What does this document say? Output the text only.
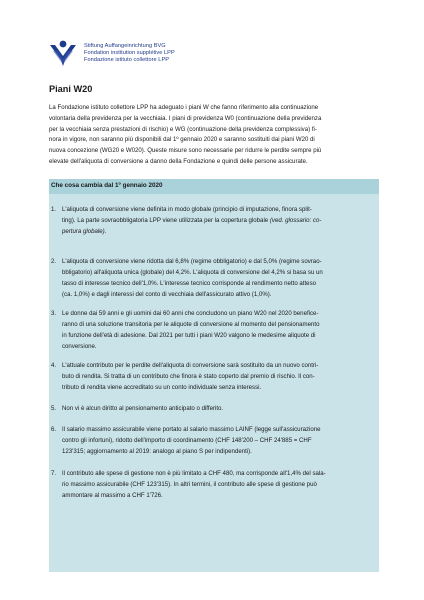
Stiftung Auffangeinrichtung BVG
Fondation institution supplétive LPP
Fondazione istituto collettore LPP
Piani W20
La Fondazione istituto collettore LPP ha adeguato i piani W che fanno riferimento alla continuazione
volontaria della previdenza per la vecchiaia. I piani di previdenza W0 (continuazione della previdenza
per la vecchiaia senza prestazioni di rischio) e WG (continuazione della previdenza complessiva) fi-
nora in vigore, non saranno più disponibili dal 1º gennaio 2020 e saranno sostituiti dai piani W20 di
nuova concezione (WG20 e W020). Queste misure sono necessarie per ridurre le perdite sempre più
elevate dell'aliquota di conversione a danno della Fondazione e quindi delle persone assicurate.
Che cosa cambia dal 1º gennaio 2020
1. L'aliquota di conversione viene definita in modo globale (principio di imputazione, finora split-
ting). La parte sovraobbligatoria LPP viene utilizzata per la copertura globale (ved. glossario: co-
pertura globale).
2. L'aliquota di conversione viene ridotta dal 6,8% (regime obbligatorio) e dal 5,0% (regime sovrao-
bbligatorio) all'aliquota unica (globale) del 4,2%. L'aliquota di conversione del 4,2% si basa su un
tasso di interesse tecnico dell'1,0%. L'interesse tecnico corrisponde al rendimento netto atteso
(ca. 1,0%) e dagli interessi del conto di vecchiaia dell'assicurato attivo (1,0%).
3. Le donne dai 59 anni e gli uomini dai 60 anni che concludono un piano W20 nel 2020 benefice-
ranno di una soluzione transitoria per le aliquote di conversione al momento del pensionamento
in funzione dell'età di adesione. Dal 2021 per tutti i piani W20 valgono le medesime aliquote di
conversione.
4. L'attuale contributo per le perdite dell'aliquota di conversione sarà sostituito da un nuovo contri-
buto di rendita. Si tratta di un contributo che finora è stato coperto dal premio di rischio. Il con-
tributo di rendita viene accreditato su un conto individuale senza interessi.
5. Non vi è alcun diritto al pensionamento anticipato o differito.
6. Il salario massimo assicurabile viene portato al salario massimo LAINF (legge sull'assicurazione
contro gli infortuni), ridotto dell'importo di coordinamento (CHF 148'200 – CHF 24'885 = CHF
123'315; aggiornamento al 2019: analogo al piano S per indipendenti).
7. Il contributo alle spese di gestione non è più limitato a CHF 480, ma corrisponde all'1,4% del sala-
rio massimo assicurabile (CHF 123'315). In altri termini, il contributo alle spese di gestione può
ammontare al massimo a CHF 1'726.
